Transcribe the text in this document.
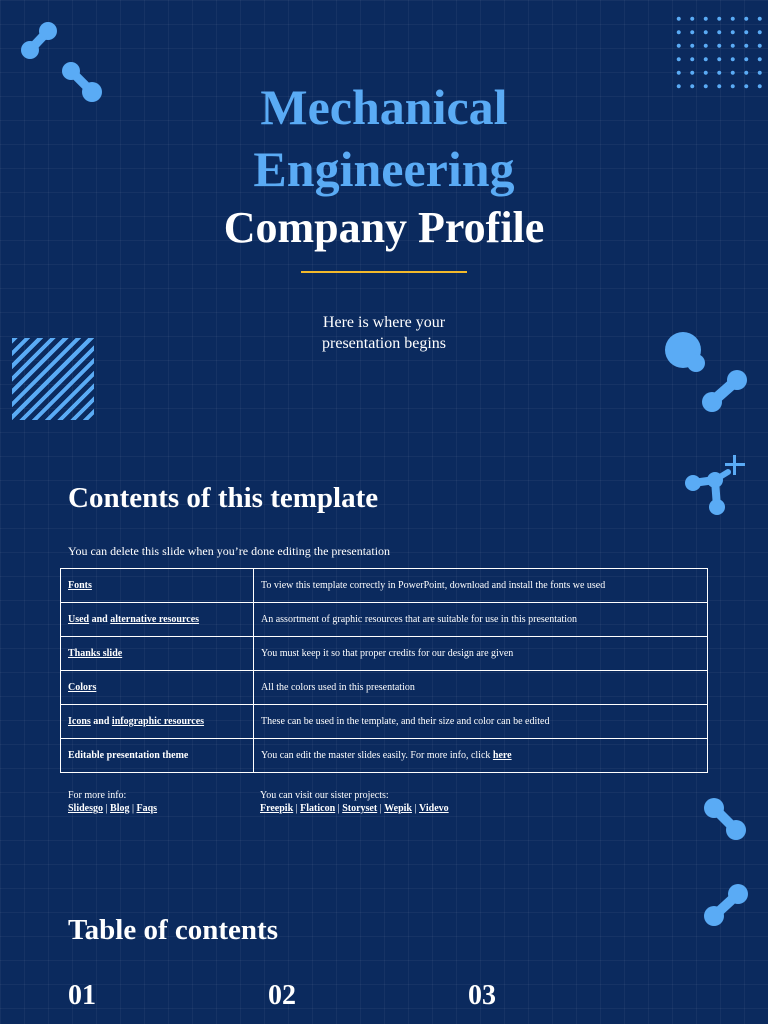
Mechanical
Engineering
Company Profile
Here is where your
presentation begins
Contents of this template
You can delete this slide when you’re done editing the presentation
Fonts	To view this template correctly in PowerPoint, download and install the fonts we used
Used and alternative resources	An assortment of graphic resources that are suitable for use in this presentation
Thanks slide	You must keep it so that proper credits for our design are given
Colors	All the colors used in this presentation
Icons and infographic resources	These can be used in the template, and their size and color can be edited
Editable presentation theme	You can edit the master slides easily. For more info, click here
For more info:
Slidesgo | Blog | Faqs
You can visit our sister projects:
Freepik | Flaticon | Storyset | Wepik | Videvo
Table of contents
01	02	03
